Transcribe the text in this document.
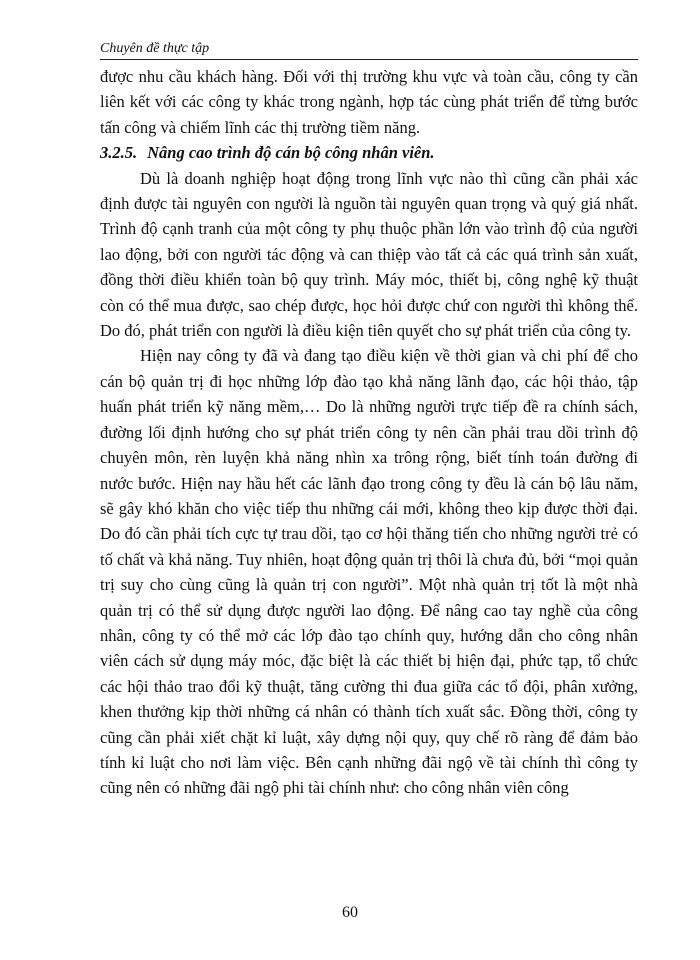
Chuyên đề thực tập

được nhu cầu khách hàng. Đối với thị trường khu vực và toàn cầu, công ty cần liên kết với các công ty khác trong ngành, hợp tác cùng phát triển để từng bước tấn công và chiếm lĩnh các thị trường tiềm năng.

3.2.5. Nâng cao trình độ cán bộ công nhân viên.

Dù là doanh nghiệp hoạt động trong lĩnh vực nào thì cũng cần phải xác định được tài nguyên con người là nguồn tài nguyên quan trọng và quý giá nhất. Trình độ cạnh tranh của một công ty phụ thuộc phần lớn vào trình độ của người lao động, bởi con người tác động và can thiệp vào tất cả các quá trình sản xuất, đồng thời điều khiển toàn bộ quy trình. Máy móc, thiết bị, công nghệ kỹ thuật còn có thể mua được, sao chép được, học hỏi được chứ con người thì không thể. Do đó, phát triển con người là điều kiện tiên quyết cho sự phát triển của công ty.

Hiện nay công ty đã và đang tạo điều kiện về thời gian và chi phí để cho cán bộ quản trị đi học những lớp đào tạo khả năng lãnh đạo, các hội thảo, tập huấn phát triển kỹ năng mềm,… Do là những người trực tiếp đề ra chính sách, đường lối định hướng cho sự phát triển công ty nên cần phải trau dồi trình độ chuyên môn, rèn luyện khả năng nhìn xa trông rộng, biết tính toán đường đi nước bước. Hiện nay hầu hết các lãnh đạo trong công ty đều là cán bộ lâu năm, sẽ gây khó khăn cho việc tiếp thu những cái mới, không theo kịp được thời đại. Do đó cần phải tích cực tự trau dồi, tạo cơ hội thăng tiến cho những người trẻ có tố chất và khả năng. Tuy nhiên, hoạt động quản trị thôi là chưa đủ, bởi “mọi quản trị suy cho cùng cũng là quản trị con người”. Một nhà quản trị tốt là một nhà quản trị có thể sử dụng được người lao động. Để nâng cao tay nghề của công nhân, công ty có thể mở các lớp đào tạo chính quy, hướng dẫn cho công nhân viên cách sử dụng máy móc, đặc biệt là các thiết bị hiện đại, phức tạp, tổ chức các hội thảo trao đổi kỹ thuật, tăng cường thi đua giữa các tổ đội, phân xưởng, khen thưởng kịp thời những cá nhân có thành tích xuất sắc. Đồng thời, công ty cũng cần phải xiết chặt kỉ luật, xây dựng nội quy, quy chế rõ ràng để đảm bảo tính kỉ luật cho nơi làm việc. Bên cạnh những đãi ngộ về tài chính thì công ty cũng nên có những đãi ngộ phi tài chính như: cho công nhân viên công

60
